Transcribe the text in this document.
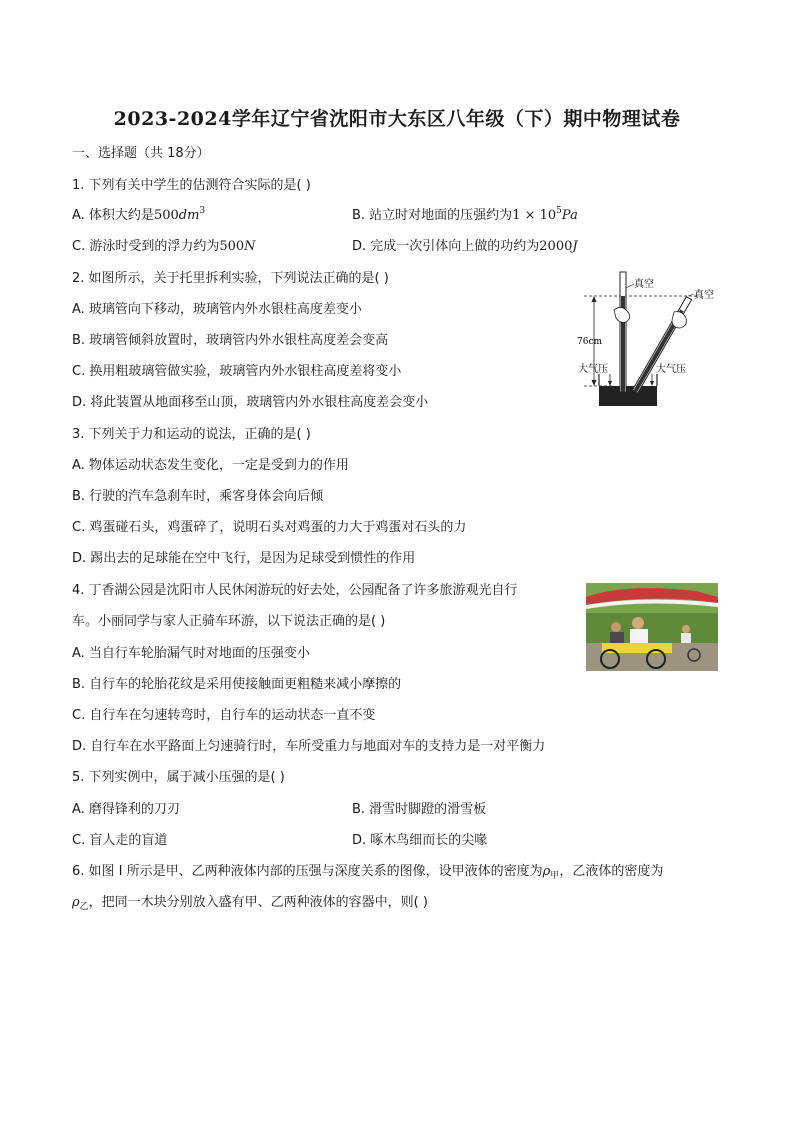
2023-2024学年辽宁省沈阳市大东区八年级（下）期中物理试卷
一、选择题（共 18分）
1. 下列有关中学生的估测符合实际的是( )
A. 体积大约是$500dm^3$	B. 站立时对地面的压强约为$1 \times 10^5Pa$
C. 游泳时受到的浮力约为500N	D. 完成一次引体向上做的功约为2000J
2. 如图所示，关于托里拆利实验，下列说法正确的是( )
A. 玻璃管向下移动，玻璃管内外水银柱高度差变小
B. 玻璃管倾斜放置时，玻璃管内外水银柱高度差会变高
C. 换用粗玻璃管做实验，玻璃管内外水银柱高度差将变小
D. 将此装置从地面移至山顶，玻璃管内外水银柱高度差会变小
76cm
真空
真空
大气压	大气压
3. 下列关于力和运动的说法，正确的是( )
A. 物体运动状态发生变化，一定是受到力的作用
B. 行驶的汽车急刹车时，乘客身体会向后倾
C. 鸡蛋碰石头，鸡蛋碎了，说明石头对鸡蛋的力大于鸡蛋对石头的力
D. 踢出去的足球能在空中飞行，是因为足球受到惯性的作用
4. 丁香湖公园是沈阳市人民休闲游玩的好去处，公园配备了许多旅游观光自行
车。小丽同学与家人正骑车环游，以下说法正确的是( )
A. 当自行车轮胎漏气时对地面的压强变小
B. 自行车的轮胎花纹是采用使接触面更粗糙来减小摩擦的
C. 自行车在匀速转弯时，自行车的运动状态一直不变
D. 自行车在水平路面上匀速骑行时，车所受重力与地面对车的支持力是一对平衡力
5. 下列实例中，属于减小压强的是( )
A. 磨得锋利的刀刃	B. 滑雪时脚蹬的滑雪板
C. 盲人走的盲道	D. 啄木鸟细而长的尖喙
6. 如图 I 所示是甲、乙两种液体内部的压强与深度关系的图像，设甲液体的密度为$\rho_甲$，乙液体的密度为
$\rho_乙$，把同一木块分别放入盛有甲、乙两种液体的容器中，则( )
